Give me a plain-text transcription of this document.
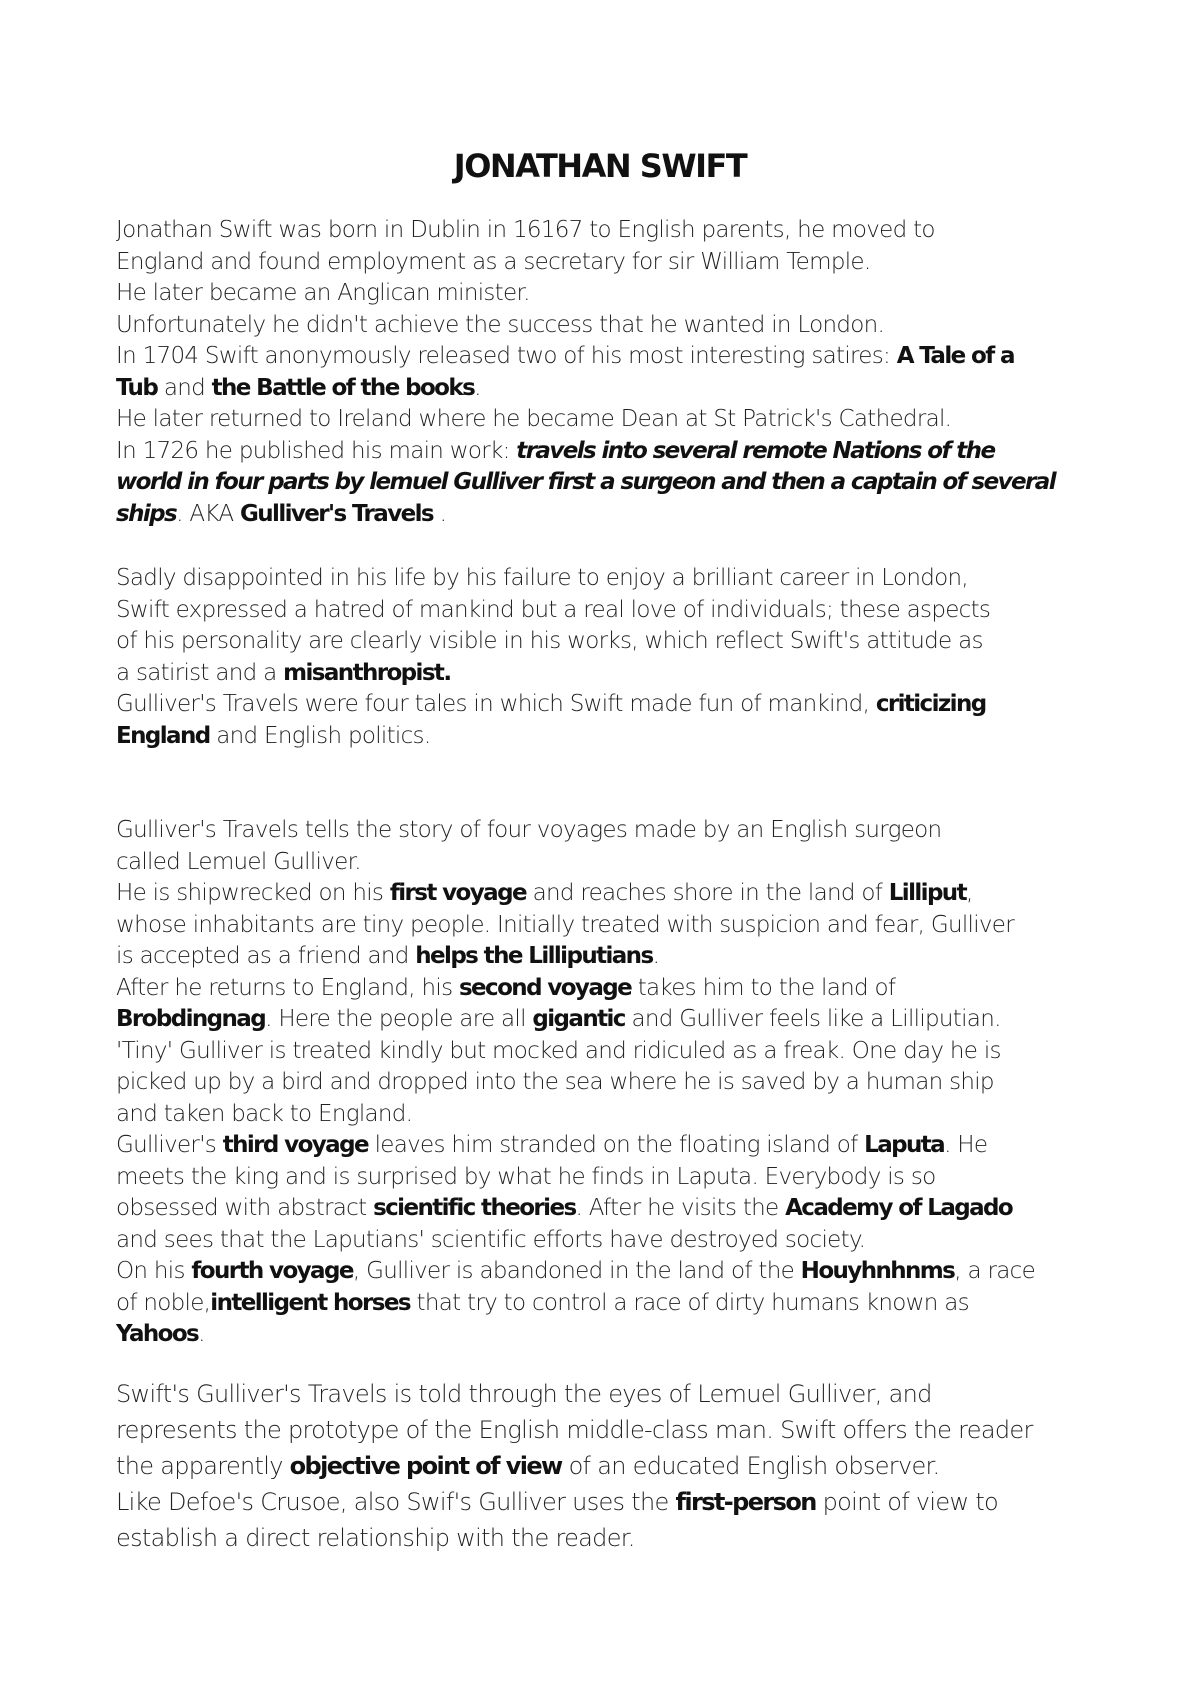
JONATHAN SWIFT
Jonathan Swift was born in Dublin in 16167 to English parents, he moved to
England and found employment as a secretary for sir William Temple.
He later became an Anglican minister.
Unfortunately he didn't achieve the success that he wanted in London.
In 1704 Swift anonymously released two of his most interesting satires: A Tale of a
Tub and the Battle of the books.
He later returned to Ireland where he became Dean at St Patrick's Cathedral.
In 1726 he published his main work: travels into several remote Nations of the
world in four parts by lemuel Gulliver first a surgeon and then a captain of several
ships. AKA Gulliver's Travels .
Sadly disappointed in his life by his failure to enjoy a brilliant career in London,
Swift expressed a hatred of mankind but a real love of individuals; these aspects
of his personality are clearly visible in his works, which reflect Swift's attitude as
a satirist and a misanthropist.
Gulliver's Travels were four tales in which Swift made fun of mankind, criticizing
England and English politics.
Gulliver's Travels tells the story of four voyages made by an English surgeon
called Lemuel Gulliver.
He is shipwrecked on his first voyage and reaches shore in the land of Lilliput,
whose inhabitants are tiny people. Initially treated with suspicion and fear, Gulliver
is accepted as a friend and helps the Lilliputians.
After he returns to England, his second voyage takes him to the land of
Brobdingnag. Here the people are all gigantic and Gulliver feels like a Lilliputian.
'Tiny' Gulliver is treated kindly but mocked and ridiculed as a freak. One day he is
picked up by a bird and dropped into the sea where he is saved by a human ship
and taken back to England.
Gulliver's third voyage leaves him stranded on the floating island of Laputa. He
meets the king and is surprised by what he finds in Laputa. Everybody is so
obsessed with abstract scientific theories. After he visits the Academy of Lagado
and sees that the Laputians' scientific efforts have destroyed society.
On his fourth voyage, Gulliver is abandoned in the land of the Houyhnhnms, a race
of noble,intelligent horses that try to control a race of dirty humans known as
Yahoos.
Swift's Gulliver's Travels is told through the eyes of Lemuel Gulliver, and
represents the prototype of the English middle-class man. Swift offers the reader
the apparently objective point of view of an educated English observer.
Like Defoe's Crusoe, also Swif's Gulliver uses the first-person point of view to
establish a direct relationship with the reader.
